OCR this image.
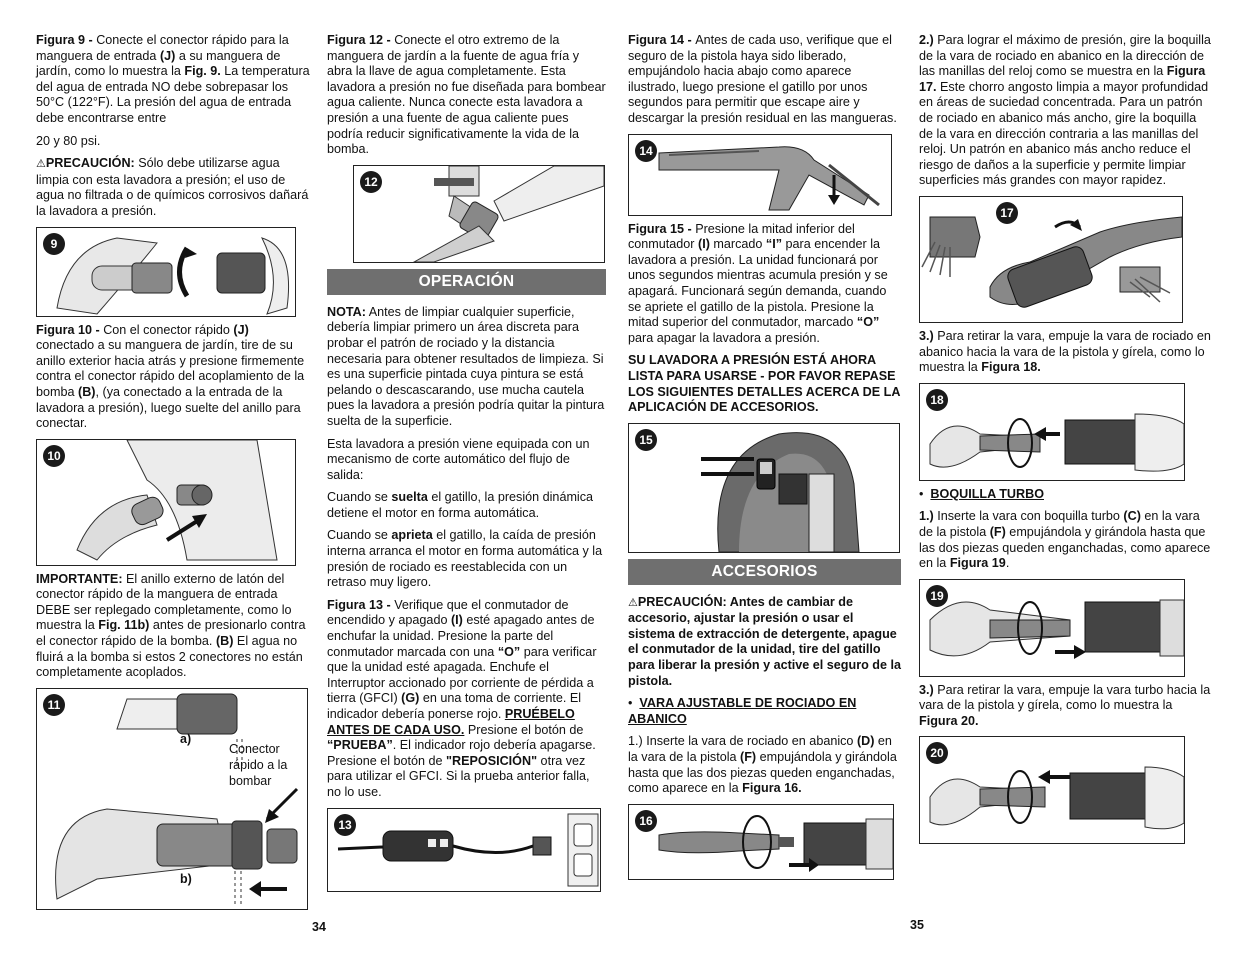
Figura 9 - Conecte el conector rápido para la manguera de entrada (J) a su manguera de jardín, como lo muestra la Fig. 9. La temperatura del agua de entrada NO debe sobrepasar los 50°C (122°F). La presión del agua de entrada debe encontrarse entre

20 y 80 psi.

⚠PRECAUCIÓN: Sólo debe utilizarse agua limpia con esta lavadora a presión; el uso de agua no filtrada o de químicos corrosivos dañará la lavadora a presión.

9

Figura 10 - Con el conector rápido (J) conectado a su manguera de jardín, tire de su anillo exterior hacia atrás y presione firmemente contra el conector rápido del acoplamiento de la bomba (B), (ya conectado a la entrada de la lavadora a presión), luego suelte del anillo para conectar.

10

IMPORTANTE: El anillo externo de latón del conector rápido de la manguera de entrada DEBE ser replegado completamente, como lo muestra la Fig. 11b) antes de presionarlo contra el conector rápido de la bomba. (B) El agua no fluirá a la bomba si estos 2 conectores no están completamente acoplados.

11
a)
b)
Conector
rápido a la
bombar

Figura 12 - Conecte el otro extremo de la manguera de jardín a la fuente de agua fría y abra la llave de agua completamente. Esta lavadora a presión no fue diseñada para bombear agua caliente. Nunca conecte esta lavadora a presión a una fuente de agua caliente pues podría reducir significativamente la vida de la bomba.

12
OPERACIÓN

NOTA: Antes de limpiar cualquier superficie, debería limpiar primero un área discreta para probar el patrón de rociado y la distancia necesaria para obtener resultados de limpieza. Si es una superficie pintada cuya pintura se está pelando o descascarando, use mucha cautela pues la lavadora a presión podría quitar la pintura suelta de la superficie.

Esta lavadora a presión viene equipada con un mecanismo de corte automático del flujo de salida:

Cuando se suelta el gatillo, la presión dinámica detiene el motor en forma automática.

Cuando se aprieta el gatillo, la caída de presión interna arranca el motor en forma automática y la presión de rociado es reestablecida con un retraso muy ligero.

Figura 13 - Verifique que el conmutador de encendido y apagado (I) esté apagado antes de enchufar la unidad. Presione la parte del conmutador marcada con una “O” para verificar que la unidad esté apagada. Enchufe el Interruptor accionado por corriente de pérdida a tierra (GFCI) (G) en una toma de corriente. El indicador debería ponerse rojo. PRUÉBELO ANTES DE CADA USO. Presione el botón de “PRUEBA”. El indicador rojo debería apagarse. Presione el botón de "REPOSICIÓN" otra vez para utilizar el GFCI. Si la prueba anterior falla, no lo use.

13

Figura 14 - Antes de cada uso, verifique que el seguro de la pistola haya sido liberado, empujándolo hacia abajo como aparece ilustrado, luego presione el gatillo por unos segundos para permitir que escape aire y descargar la presión residual en las mangueras.

14

Figura 15 - Presione la mitad inferior del conmutador (I) marcado “I” para encender la lavadora a presión. La unidad funcionará por unos segundos mientras acumula presión y se apagará. Funcionará según demanda, cuando se apriete el gatillo de la pistola. Presione la mitad superior del conmutador, marcado “O” para apagar la lavadora a presión.

SU LAVADORA A PRESIÓN ESTÁ AHORA LISTA PARA USARSE - POR FAVOR REPASE LOS SIGUIENTES DETALLES ACERCA DE LA APLICACIÓN DE ACCESORIOS.

15
ACCESORIOS

⚠PRECAUCIÓN: Antes de cambiar de accesorio, ajustar la presión o usar el sistema de extracción de detergente, apague el conmutador de la unidad, tire del gatillo para liberar la presión y active el seguro de la pistola.

• VARA AJUSTABLE DE ROCIADO EN ABANICO

1.) Inserte la vara de rociado en abanico (D) en la vara de la pistola (F) empujándola y girándola hasta que las dos piezas queden enganchadas, como aparece en la Figura 16.

16

2.) Para lograr el máximo de presión, gire la boquilla de la vara de rociado en abanico en la dirección de las manillas del reloj como se muestra en la Figura 17. Este chorro angosto limpia a mayor profundidad en áreas de suciedad concentrada. Para un patrón de rociado en abanico más ancho, gire la boquilla de la vara en dirección contraria a las manillas del reloj. Un patrón en abanico más ancho reduce el riesgo de daños a la superficie y permite limpiar superficies más grandes con mayor rapidez.

17

3.) Para retirar la vara, empuje la vara de rociado en abanico hacia la vara de la pistola y gírela, como lo muestra la Figura 18.

18

• BOQUILLA TURBO

1.) Inserte la vara con boquilla turbo (C) en la vara de la pistola (F) empujándola y girándola hasta que las dos piezas queden enganchadas, como aparece en la Figura 19.

19

3.) Para retirar la vara, empuje la vara turbo hacia la vara de la pistola y gírela, como lo muestra la Figura 20.

20
34	35
